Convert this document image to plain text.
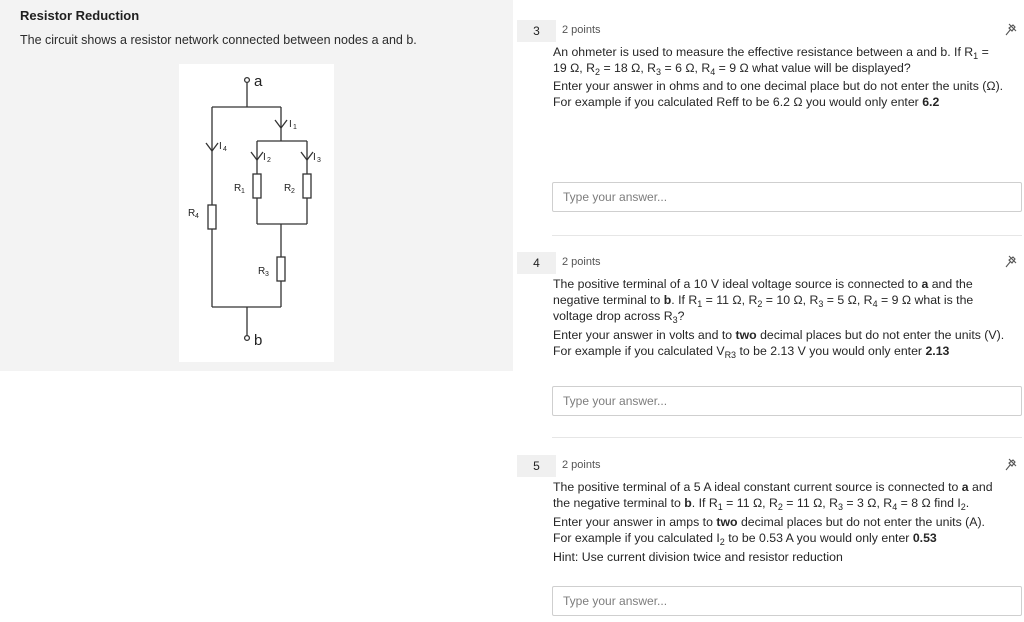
Resistor Reduction
The circuit shows a resistor network connected between nodes a and b.
a
b
R 4
R 1	R 2
R 3
I 4
I 1
I 2	I 3
3	2 points

An ohmeter is used to measure the effective resistance between a and b. If $R_1$ =

19 Ω, $R_2 = 18$ Ω, $R_3 = 6$ Ω, $R_4 = 9$ Ω what value will be displayed?

Enter your answer in ohms and to one decimal place but do not enter the units (Ω).

For example if you calculated Reff to be 6.2 Ω you would only enter 6.2

Type your answer...
4	2 points

The positive terminal of a 10 V ideal voltage source is connected to a and the

negative terminal to b. If $R_1 = 11$ Ω, $R_2 = 10$ Ω, $R_3 = 5$ Ω, $R_4 = 9$ Ω what is the

voltage drop across $R_3$?

Enter your answer in volts and to two decimal places but do not enter the units (V).

For example if you calculated $V_{R3}$ to be 2.13 V you would only enter 2.13

Type your answer...
5	2 points

The positive terminal of a 5 A ideal constant current source is connected to a and

the negative terminal to b. If $R_1 = 11$ Ω, $R_2 = 11$ Ω, $R_3 = 3$ Ω, $R_4 = 8$ Ω find $I_2$.

Enter your answer in amps to two decimal places but do not enter the units (A).

For example if you calculated $I_2$ to be 0.53 A you would only enter 0.53

Hint: Use current division twice and resistor reduction

Type your answer...
